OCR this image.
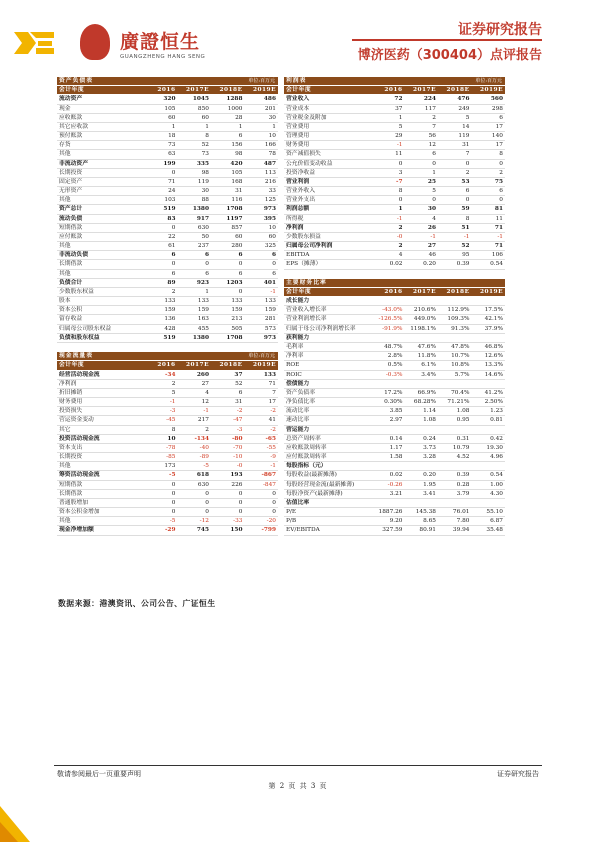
廣證恒生
GUANGZHENG HANG SENG
证券研究报告
博济医药（300404）点评报告
资产负债表	单位:百万元
会计年度	2016	2017E	2018E	2019E
流动资产	320	1045	1288	486
现金	105	850	1000	201
应收账款	60	60	28	30
其它应收款	1	1	1	1
预付账款	18	8	6	10
存货	73	52	156	166
其他	63	73	98	78
非流动资产	199	335	420	487
长期投资	0	98	105	113
固定资产	71	119	168	216
无形资产	24	30	31	33
其他	103	88	116	125
资产总计	519	1380	1708	973
流动负债	83	917	1197	395
短期借款	0	630	857	10
应付账款	22	50	60	60
其他	61	237	280	325
非流动负债	6	6	6	6
长期借款	0	0	0	0
其他	6	6	6	6
负债合计	89	923	1203	401
少数股东权益	2	1	0	-1
股本	133	133	133	133
资本公积	159	159	159	159
留存收益	136	163	213	281
归属母公司股东权益	428	455	505	573
负债和股东权益	519	1380	1708	973
现金流量表	单位:百万元
会计年度	2016	2017E	2018E	2019E
经营活动现金流	-34	260	37	133
净利润	2	27	52	71
折旧摊销	5	4	6	7
财务费用	-1	12	31	17
投资损失	-3	-1	-2	-2
营运资金变动	-45	217	-47	41
其它	8	2	-3	-2
投资活动现金流	10	-134	-80	-65
资本支出	-78	-40	-70	-55
长期投资	-85	-89	-10	-9
其他	173	-5	-0	-1
筹资活动现金流	-5	618	193	-867
短期借款	0	630	226	-847
长期借款	0	0	0	0
普通股增加	0	0	0	0
资本公积金增加	0	0	0	0
其他	-5	-12	-33	-20
现金净增加额	-29	745	150	-799
利润表	单位:百万元
会计年度	2016	2017E	2018E	2019E
营业收入	72	224	476	560
营业成本	37	117	249	298
营业税金及附加	1	2	5	6
营业费用	5	7	14	17
管理费用	29	56	119	140
财务费用	-1	12	31	17
资产减值损失	11	6	7	8
公允价值变动收益	0	0	0	0
投资净收益	3	1	2	2
营业利润	-7	25	53	75
营业外收入	8	5	6	6
营业外支出	0	0	0	0
利润总额	1	30	59	81
所得税	-1	4	8	11
净利润	2	26	51	71
少数股东损益	-0	-1	-1	-1
归属母公司净利润	2	27	52	71
EBITDA	4	46	95	106
EPS（摊薄）	0.02	0.20	0.39	0.54
主要财务比率
会计年度	2016	2017E	2018E	2019E
成长能力
营业收入增长率	-43.0%	210.6%	112.9%	17.5%
营业利润增长率	-126.5%	449.0%	109.3%	42.1%
归属于母公司净利润增长率	-91.9%	1198.1%	91.3%	37.9%
获利能力
毛利率	48.7%	47.6%	47.8%	46.8%
净利率	2.8%	11.8%	10.7%	12.6%
ROE	0.5%	6.1%	10.8%	13.3%
ROIC	-0.3%	3.4%	5.7%	14.6%
偿债能力
资产负债率	17.2%	66.9%	70.4%	41.2%
净负债比率	0.30%	68.28%	71.21%	2.50%
流动比率	3.85	1.14	1.08	1.23
速动比率	2.97	1.08	0.95	0.81
营运能力
总资产周转率	0.14	0.24	0.31	0.42
应收账款周转率	1.17	3.73	10.79	19.30
应付账款周转率	1.58	3.28	4.52	4.96
每股指标（元）
每股收益(最新摊薄)	0.02	0.20	0.39	0.54
每股经营现金流(最新摊薄)	-0.26	1.95	0.28	1.00
每股净资产(最新摊薄)	3.21	3.41	3.79	4.30
估值比率
P/E	1887.26	145.38	76.01	55.10
P/B	9.20	8.65	7.80	6.87
EV/EBITDA	327.59	80.91	39.94	35.48
数据来源：港澳资讯、公司公告、广证恒生
敬请参阅最后一页重要声明	证券研究报告
第 2 页 共 3 页
